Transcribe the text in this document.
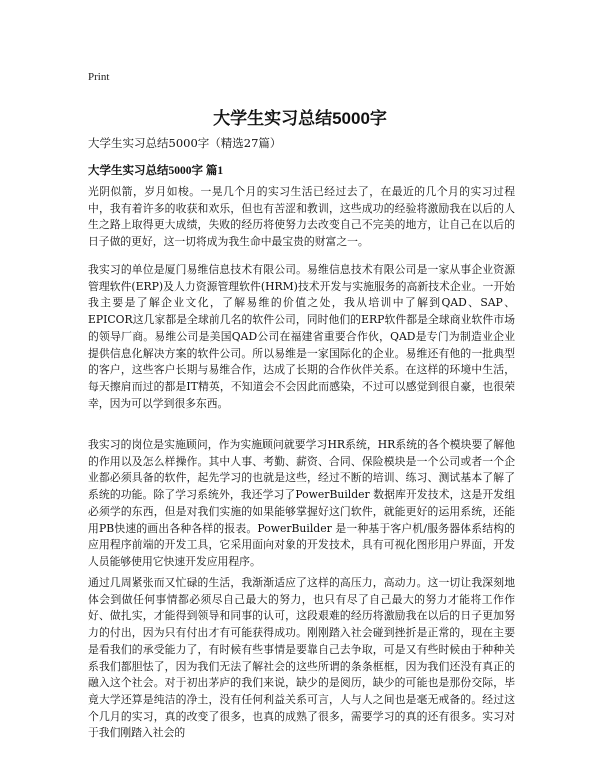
Print
大学生实习总结5000字
大学生实习总结5000字（精选27篇）
大学生实习总结5000字 篇1

光阴似箭，岁月如梭。一晃几个月的实习生活已经过去了，在最近的几个月的实习过程中，我有着许多的收获和欢乐，但也有苦涩和教训，这些成功的经验将激励我在以后的人生之路上取得更大成绩，失败的经历将使努力去改变自己不完美的地方，让自己在以后的日子做的更好，这一切将成为我生命中最宝贵的财富之一。

我实习的单位是厦门易维信息技术有限公司。易维信息技术有限公司是一家从事企业资源管理软件(ERP)及人力资源管理软件(HRM)技术开发与实施服务的高新技术企业。一开始我主要是了解企业文化，了解易维的价值之处，我从培训中了解到QAD、SAP、EPICOR这几家都是全球前几名的软件公司，同时他们的ERP软件都是全球商业软件市场的领导厂商。易维公司是美国QAD公司在福建省重要合作伙，QAD是专门为制造业企业提供信息化解决方案的软件公司。所以易维是一家国际化的企业。易维还有他的一批典型的客户，这些客户长期与易维合作，达成了长期的合作伙伴关系。在这样的环境中生活，每天擦肩而过的都是IT精英，不知道会不会因此而感染，不过可以感觉到很自豪，也很荣幸，因为可以学到很多东西。

我实习的岗位是实施顾问，作为实施顾问就要学习HR系统，HR系统的各个模块要了解他的作用以及怎么样操作。其中人事、考勤、薪资、合同、保险模块是一个公司或者一个企业都必须具备的软件，起先学习的也就是这些，经过不断的培训、练习、测试基本了解了系统的功能。除了学习系统外，我还学习了PowerBuilder 数据库开发技术，这是开发组必须学的东西，但是对我们实施的如果能够掌握好这门软件，就能更好的运用系统，还能用PB快速的画出各种各样的报表。PowerBuilder 是一种基于客户机/服务器体系结构的应用程序前端的开发工具，它采用面向对象的开发技术，具有可视化图形用户界面，开发人员能够使用它快速开发应用程序。

通过几周紧张而又忙碌的生活，我渐渐适应了这样的高压力，高动力。这一切让我深刻地体会到做任何事情都必须尽自己最大的努力，也只有尽了自己最大的努力才能将工作作好、做扎实，才能得到领导和同事的认可，这段艰难的经历将激励我在以后的日子更加努力的付出，因为只有付出才有可能获得成功。刚刚踏入社会碰到挫折是正常的，现在主要是看我们的承受能力了，有时候有些事情是要靠自己去争取，可是又有些时候由于种种关系我们都胆怯了，因为我们无法了解社会的这些所谓的条条框框，因为我们还没有真正的融入这个社会。对于初出茅庐的我们来说，缺少的是阅历，缺少的可能也是那份交际，毕竟大学还算是纯洁的净土，没有任何利益关系可言，人与人之间也是毫无戒备的。经过这个几月的实习，真的改变了很多，也真的成熟了很多，需要学习的真的还有很多。实习对于我们刚踏入社会的
